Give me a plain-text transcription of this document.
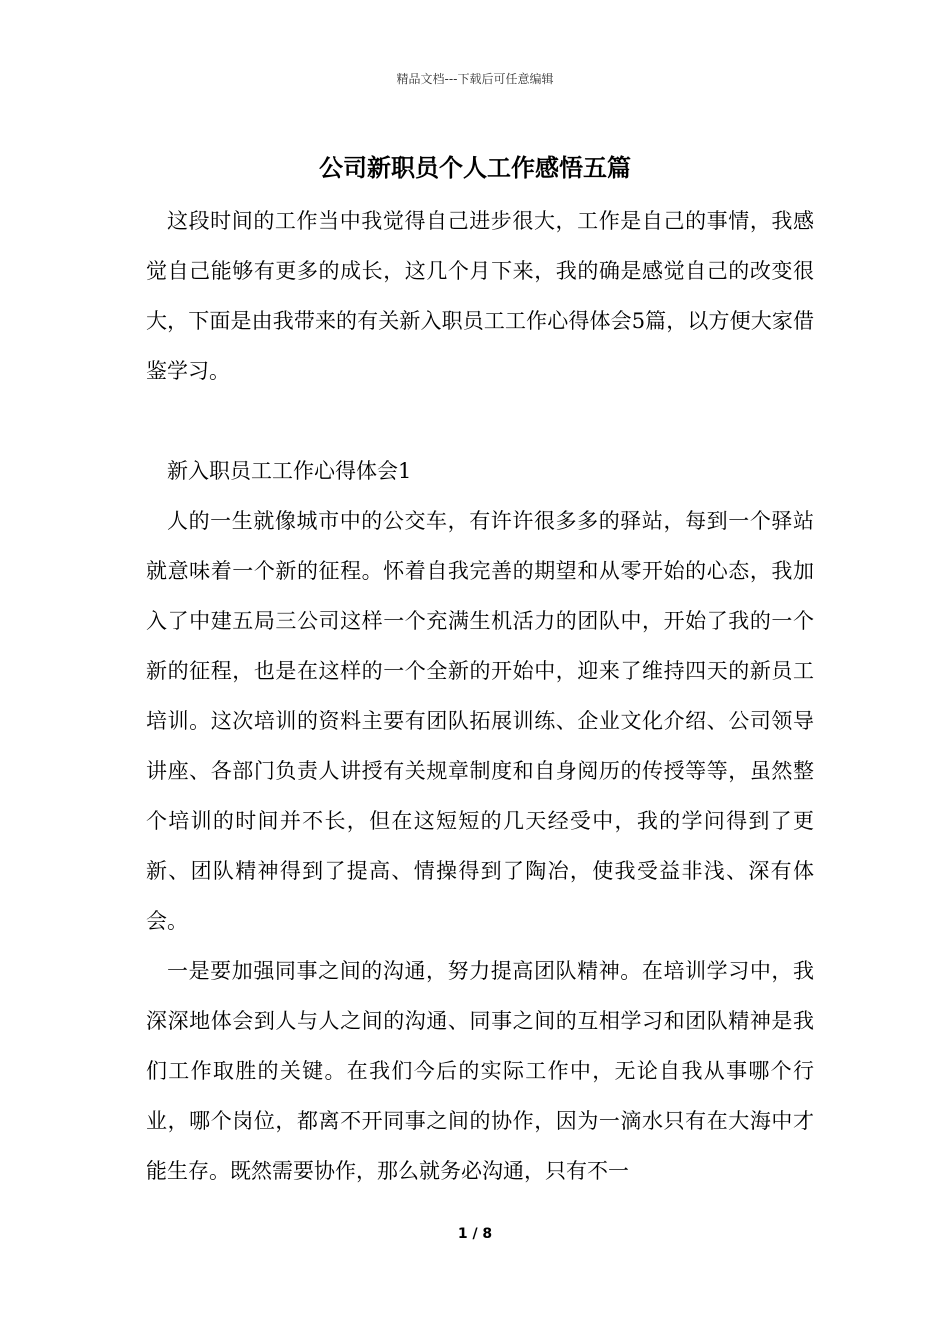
精品文档---下载后可任意编辑
公司新职员个人工作感悟五篇

这段时间的工作当中我觉得自己进步很大，工作是自己的事情，我感觉自己能够有更多的成长，这几个月下来，我的确是感觉自己的改变很大，下面是由我带来的有关新入职员工工作心得体会5篇，以方便大家借鉴学习。

新入职员工工作心得体会1

人的一生就像城市中的公交车，有许许很多多的驿站，每到一个驿站就意味着一个新的征程。怀着自我完善的期望和从零开始的心态，我加入了中建五局三公司这样一个充满生机活力的团队中，开始了我的一个新的征程，也是在这样的一个全新的开始中，迎来了维持四天的新员工培训。这次培训的资料主要有团队拓展训练、企业文化介绍、公司领导讲座、各部门负责人讲授有关规章制度和自身阅历的传授等等，虽然整个培训的时间并不长，但在这短短的几天经受中，我的学问得到了更新、团队精神得到了提高、情操得到了陶冶，使我受益非浅、深有体会。

一是要加强同事之间的沟通，努力提高团队精神。在培训学习中，我深深地体会到人与人之间的沟通、同事之间的互相学习和团队精神是我们工作取胜的关键。在我们今后的实际工作中，无论自我从事哪个行业，哪个岗位，都离不开同事之间的协作，因为一滴水只有在大海中才能生存。既然需要协作，那么就务必沟通，只有不一

1 / 8
